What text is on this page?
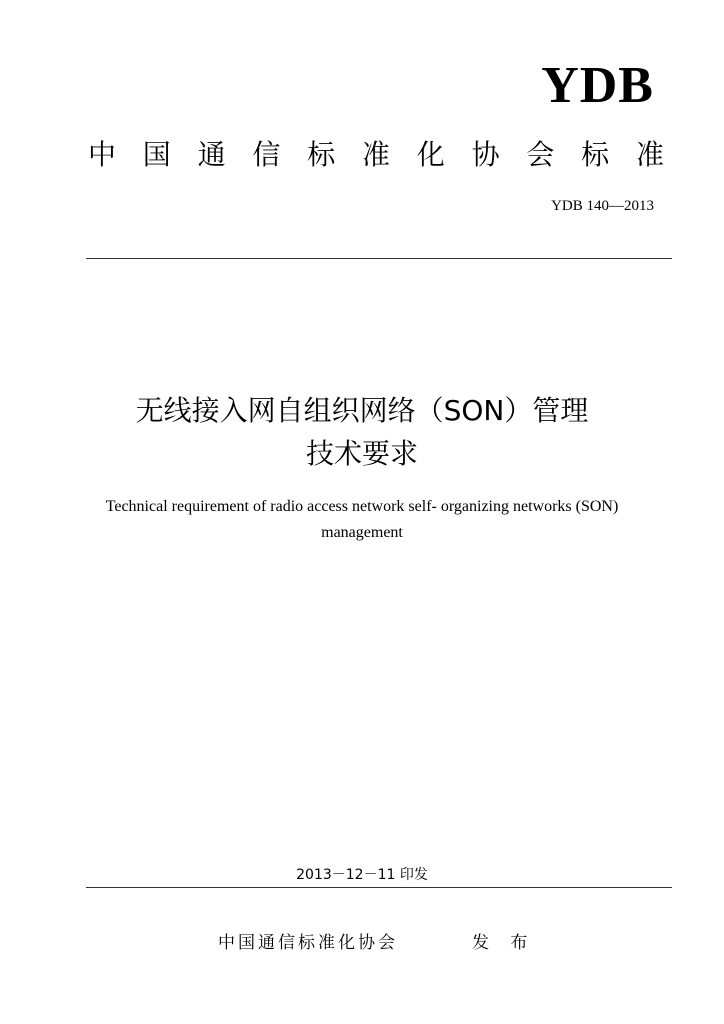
YDB
中 国 通 信 标 准 化 协 会 标 准
YDB 140—2013
无线接入网自组织网络（SON）管理
技术要求
Technical requirement of radio access network self- organizing networks (SON)
management
2013－12－11 印发
中国通信标准化协会	发 布
